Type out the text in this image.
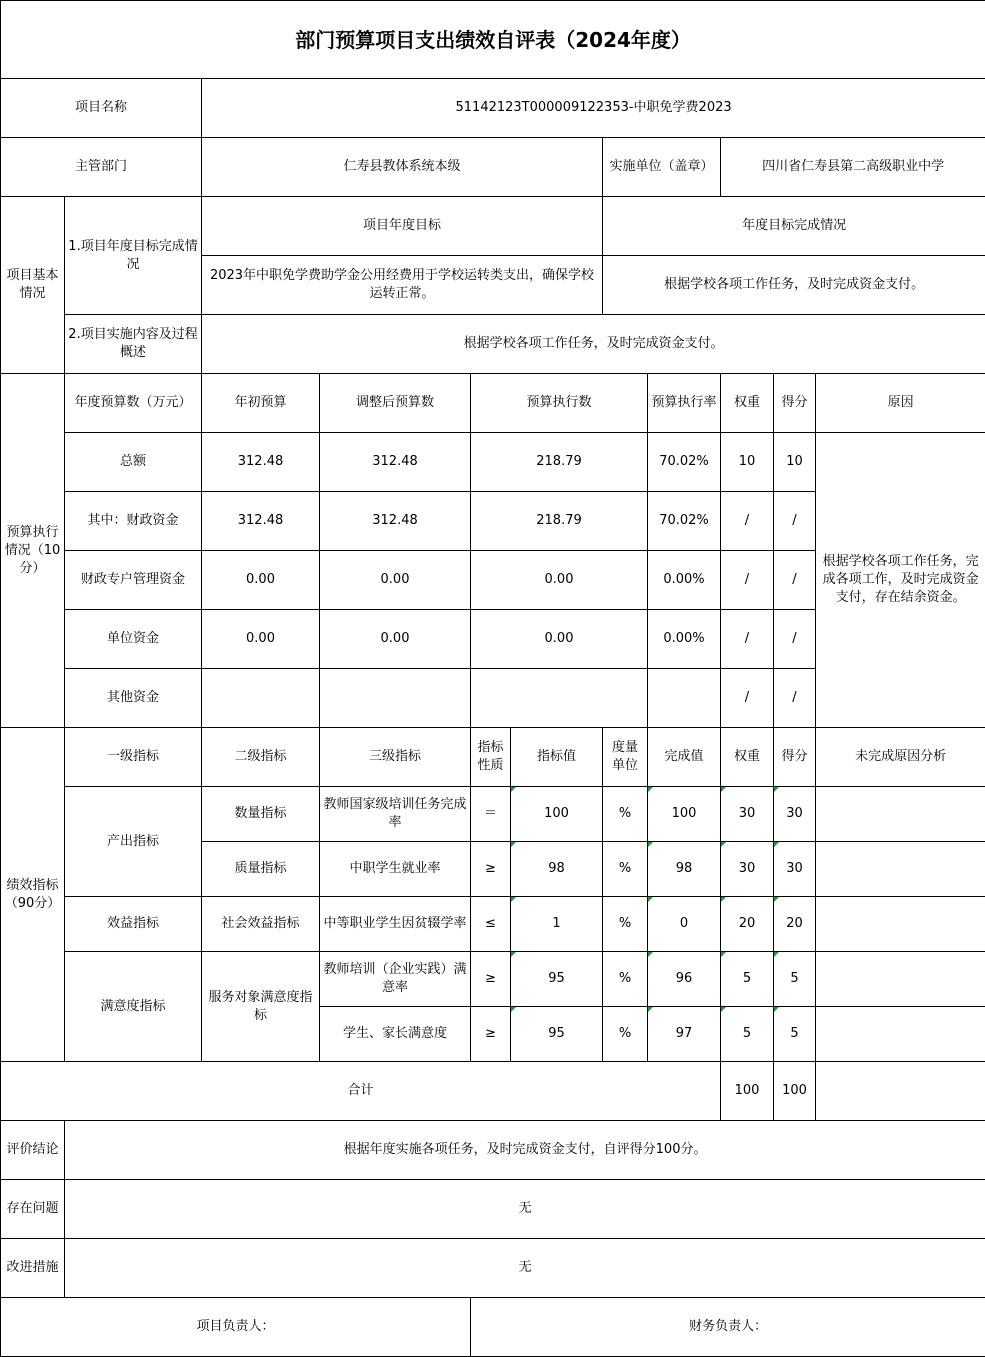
部门预算项目支出绩效自评表（2024年度）										
项目名称		51142123T000009122353-中职免学费2023								
主管部门		仁寿县教体系统本级				实施单位（盖章）		四川省仁寿县第二高级职业中学		
项目基本情况	1.项目年度目标完成情况	项目年度目标				年度目标完成情况				
		2023年中职免学费助学金公用经费用于学校运转类支出，确保学校运转正常。				根据学校各项工作任务，及时完成资金支付。				
	2.项目实施内容及过程概述	根据学校各项工作任务，及时完成资金支付。								
预算执行情况（10分）	年度预算数（万元）	年初预算	调整后预算数	预算执行数			预算执行率	权重	得分	原因
	总额	312.48	312.48	218.79			70.02%	10	10	根据学校各项工作任务，完成各项工作，及时完成资金支付，存在结余资金。
	其中：财政资金	312.48	312.48	218.79			70.02%	/	/	
	财政专户管理资金	0.00	0.00	0.00			0.00%	/	/	
	单位资金	0.00	0.00	0.00			0.00%	/	/	
	其他资金							/	/	
绩效指标（90分）	一级指标	二级指标	三级指标	指标性质	指标值	度量单位	完成值	权重	得分	未完成原因分析
	产出指标	数量指标	教师国家级培训任务完成率	＝	100	%	100	30	30	
		质量指标	中职学生就业率	≥	98	%	98	30	30	
	效益指标	社会效益指标	中等职业学生因贫辍学率	≤	1	%	0	20	20	
	满意度指标	服务对象满意度指标	教师培训（企业实践）满意率	≥	95	%	96	5	5	
			学生、家长满意度	≥	95	%	97	5	5	
合计								100	100	
评价结论	根据年度实施各项任务，及时完成资金支付，自评得分100分。									
存在问题	无									
改进措施	无									
项目负责人：				财务负责人：						
